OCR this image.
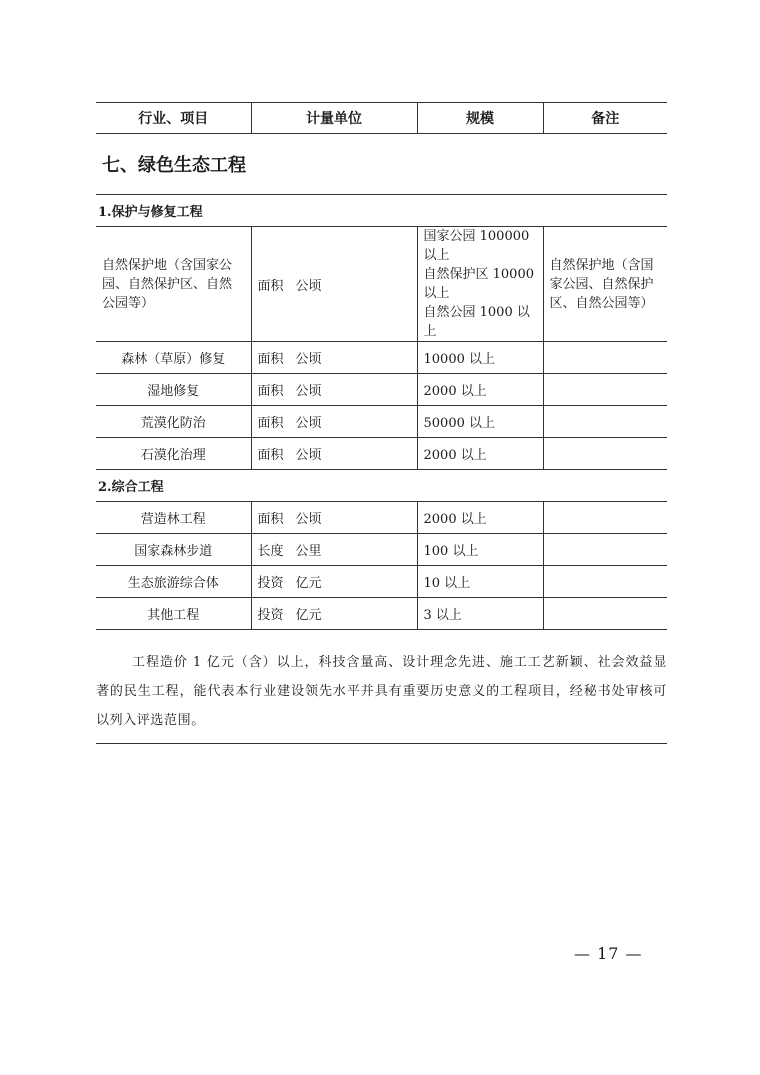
行业、项目	计量单位	规模	备注
七、绿色生态工程
1.保护与修复工程			
自然保护地（含国家公园、自然保护区、自然公园等）	面积 公顷	国家公园 100000 以上
自然保护区 10000 以上
自然公园 1000 以上	自然保护地（含国家公园、自然保护区、自然公园等）
森林（草原）修复	面积 公顷	10000 以上	
湿地修复	面积 公顷	2000 以上	
荒漠化防治	面积 公顷	50000 以上	
石漠化治理	面积 公顷	2000 以上	
2.综合工程			
营造林工程	面积 公顷	2000 以上	
国家森林步道	长度 公里	100 以上	
生态旅游综合体	投资 亿元	10 以上	
其他工程	投资 亿元	3 以上	
工程造价 1 亿元（含）以上，科技含量高、设计理念先进、施工工艺新颖、社会效益显著的民生工程，能代表本行业建设领先水平并具有重要历史意义的工程项目，经秘书处审核可以列入评选范围。
— 17 —
